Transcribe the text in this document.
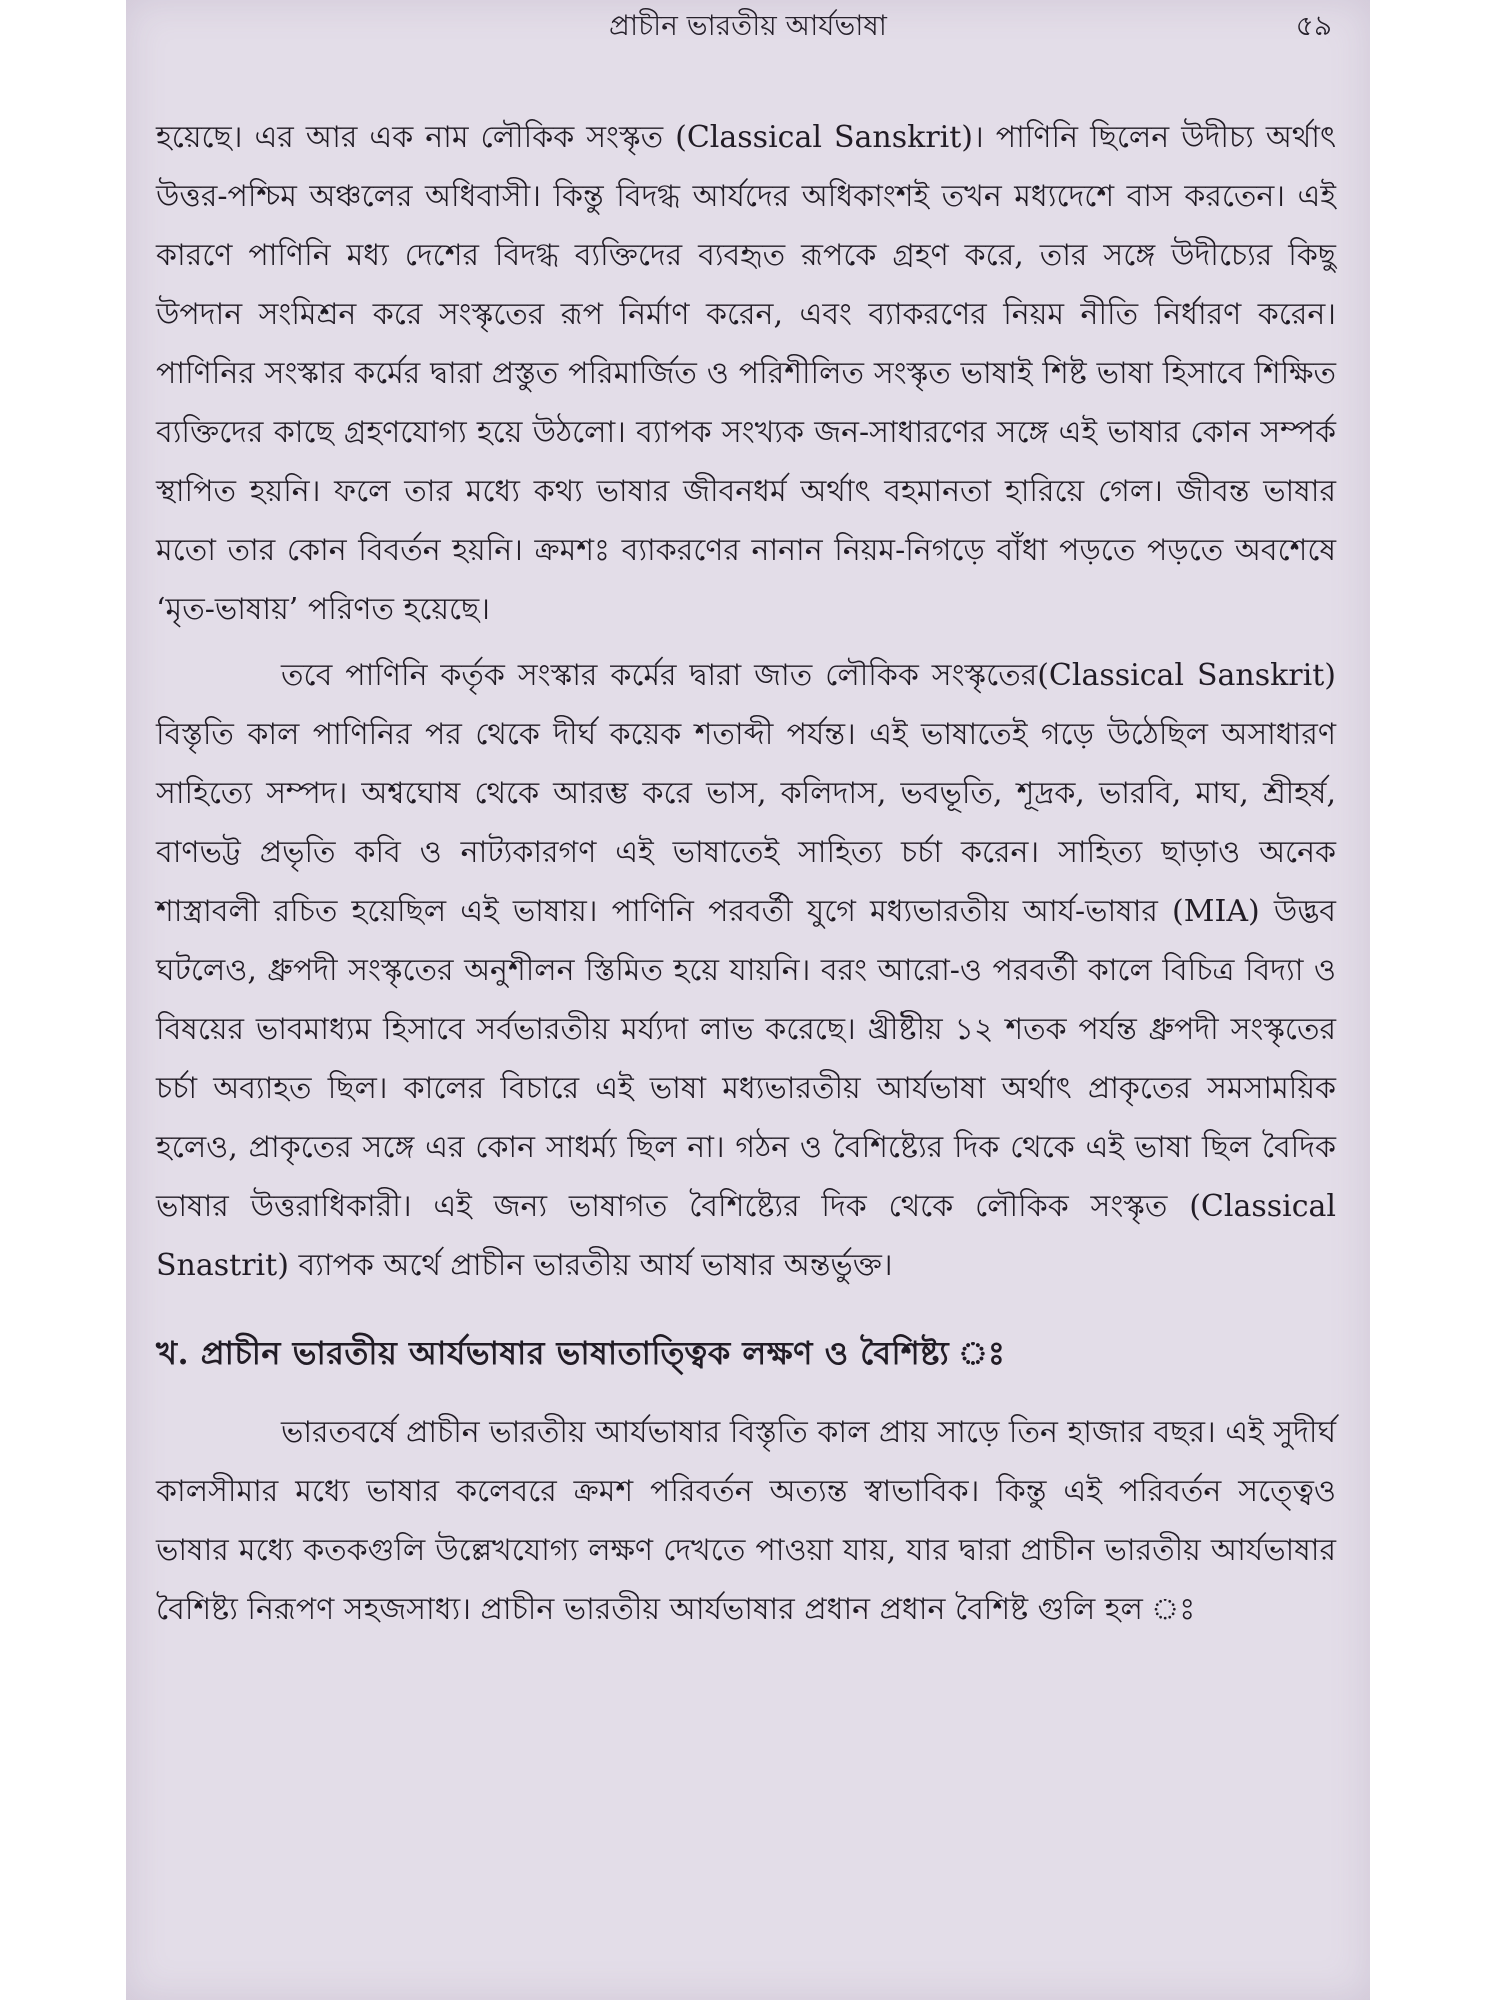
প্রাচীন ভারতীয় আর্যভাষা	৫৯

হয়েছে। এর আর এক নাম লৌকিক সংস্কৃত (Classical Sanskrit)। পাণিনি ছিলেন উদীচ্য অর্থাৎ উত্তর-পশ্চিম অঞ্চলের অধিবাসী। কিন্তু বিদগ্ধ আর্যদের অধিকাংশই তখন মধ্যদেশে বাস করতেন। এই কারণে পাণিনি মধ্য দেশের বিদগ্ধ ব্যক্তিদের ব্যবহৃত রূপকে গ্রহণ করে, তার সঙ্গে উদীচ্যের কিছু উপদান সংমিশ্রন করে সংস্কৃতের রূপ নির্মাণ করেন, এবং ব্যাকরণের নিয়ম নীতি নির্ধারণ করেন। পাণিনির সংস্কার কর্মের দ্বারা প্রস্তুত পরিমার্জিত ও পরিশীলিত সংস্কৃত ভাষাই শিষ্ট ভাষা হিসাবে শিক্ষিত ব্যক্তিদের কাছে গ্রহণযোগ্য হয়ে উঠলো। ব্যাপক সংখ্যক জন-সাধারণের সঙ্গে এই ভাষার কোন সম্পর্ক স্থাপিত হয়নি। ফলে তার মধ্যে কথ্য ভাষার জীবনধর্ম অর্থাৎ বহমানতা হারিয়ে গেল। জীবন্ত ভাষার মতো তার কোন বিবর্তন হয়নি। ক্রমশঃ ব্যাকরণের নানান নিয়ম-নিগড়ে বাঁধা পড়তে পড়তে অবশেষে ‘মৃত-ভাষায়’ পরিণত হয়েছে।

তবে পাণিনি কর্তৃক সংস্কার কর্মের দ্বারা জাত লৌকিক সংস্কৃতের(Classical Sanskrit) বিস্তৃতি কাল পাণিনির পর থেকে দীর্ঘ কয়েক শতাব্দী পর্যন্ত। এই ভাষাতেই গড়ে উঠেছিল অসাধারণ সাহিত্যে সম্পদ। অশ্বঘোষ থেকে আরম্ভ করে ভাস, কলিদাস, ভবভূতি, শূদ্রক, ভারবি, মাঘ, শ্রীহর্ষ, বাণভট্ট প্রভৃতি কবি ও নাট্যকারগণ এই ভাষাতেই সাহিত্য চর্চা করেন। সাহিত্য ছাড়াও অনেক শাস্ত্রাবলী রচিত হয়েছিল এই ভাষায়। পাণিনি পরবর্তী যুগে মধ্যভারতীয় আর্য-ভাষার (MIA) উদ্ভব ঘটলেও, ধ্রুপদী সংস্কৃতের অনুশীলন স্তিমিত হয়ে যায়নি। বরং আরো-ও পরবর্তী কালে বিচিত্র বিদ্যা ও বিষয়ের ভাবমাধ্যম হিসাবে সর্বভারতীয় মর্য্যদা লাভ করেছে। খ্রীষ্টীয় ১২ শতক পর্যন্ত ধ্রুপদী সংস্কৃতের চর্চা অব্যাহত ছিল। কালের বিচারে এই ভাষা মধ্যভারতীয় আর্যভাষা অর্থাৎ প্রাকৃতের সমসাময়িক হলেও, প্রাকৃতের সঙ্গে এর কোন সাধর্ম্য ছিল না। গঠন ও বৈশিষ্ট্যের দিক থেকে এই ভাষা ছিল বৈদিক ভাষার উত্তরাধিকারী। এই জন্য ভাষাগত বৈশিষ্ট্যের দিক থেকে লৌকিক সংস্কৃত (Classical Snastrit) ব্যাপক অর্থে প্রাচীন ভারতীয় আর্য ভাষার অন্তর্ভুক্ত।

খ. প্রাচীন ভারতীয় আর্যভাষার ভাষাতাত্ত্বিক লক্ষণ ও বৈশিষ্ট্য ঃ

ভারতবর্ষে প্রাচীন ভারতীয় আর্যভাষার বিস্তৃতি কাল প্রায় সাড়ে তিন হাজার বছর। এই সুদীর্ঘ কালসীমার মধ্যে ভাষার কলেবরে ক্রমশ পরিবর্তন অত্যন্ত স্বাভাবিক। কিন্তু এই পরিবর্তন সত্ত্বেও ভাষার মধ্যে কতকগুলি উল্লেখযোগ্য লক্ষণ দেখতে পাওয়া যায়, যার দ্বারা প্রাচীন ভারতীয় আর্যভাষার বৈশিষ্ট্য নিরূপণ সহজসাধ্য। প্রাচীন ভারতীয় আর্যভাষার প্রধান প্রধান বৈশিষ্ট গুলি হল ঃ
